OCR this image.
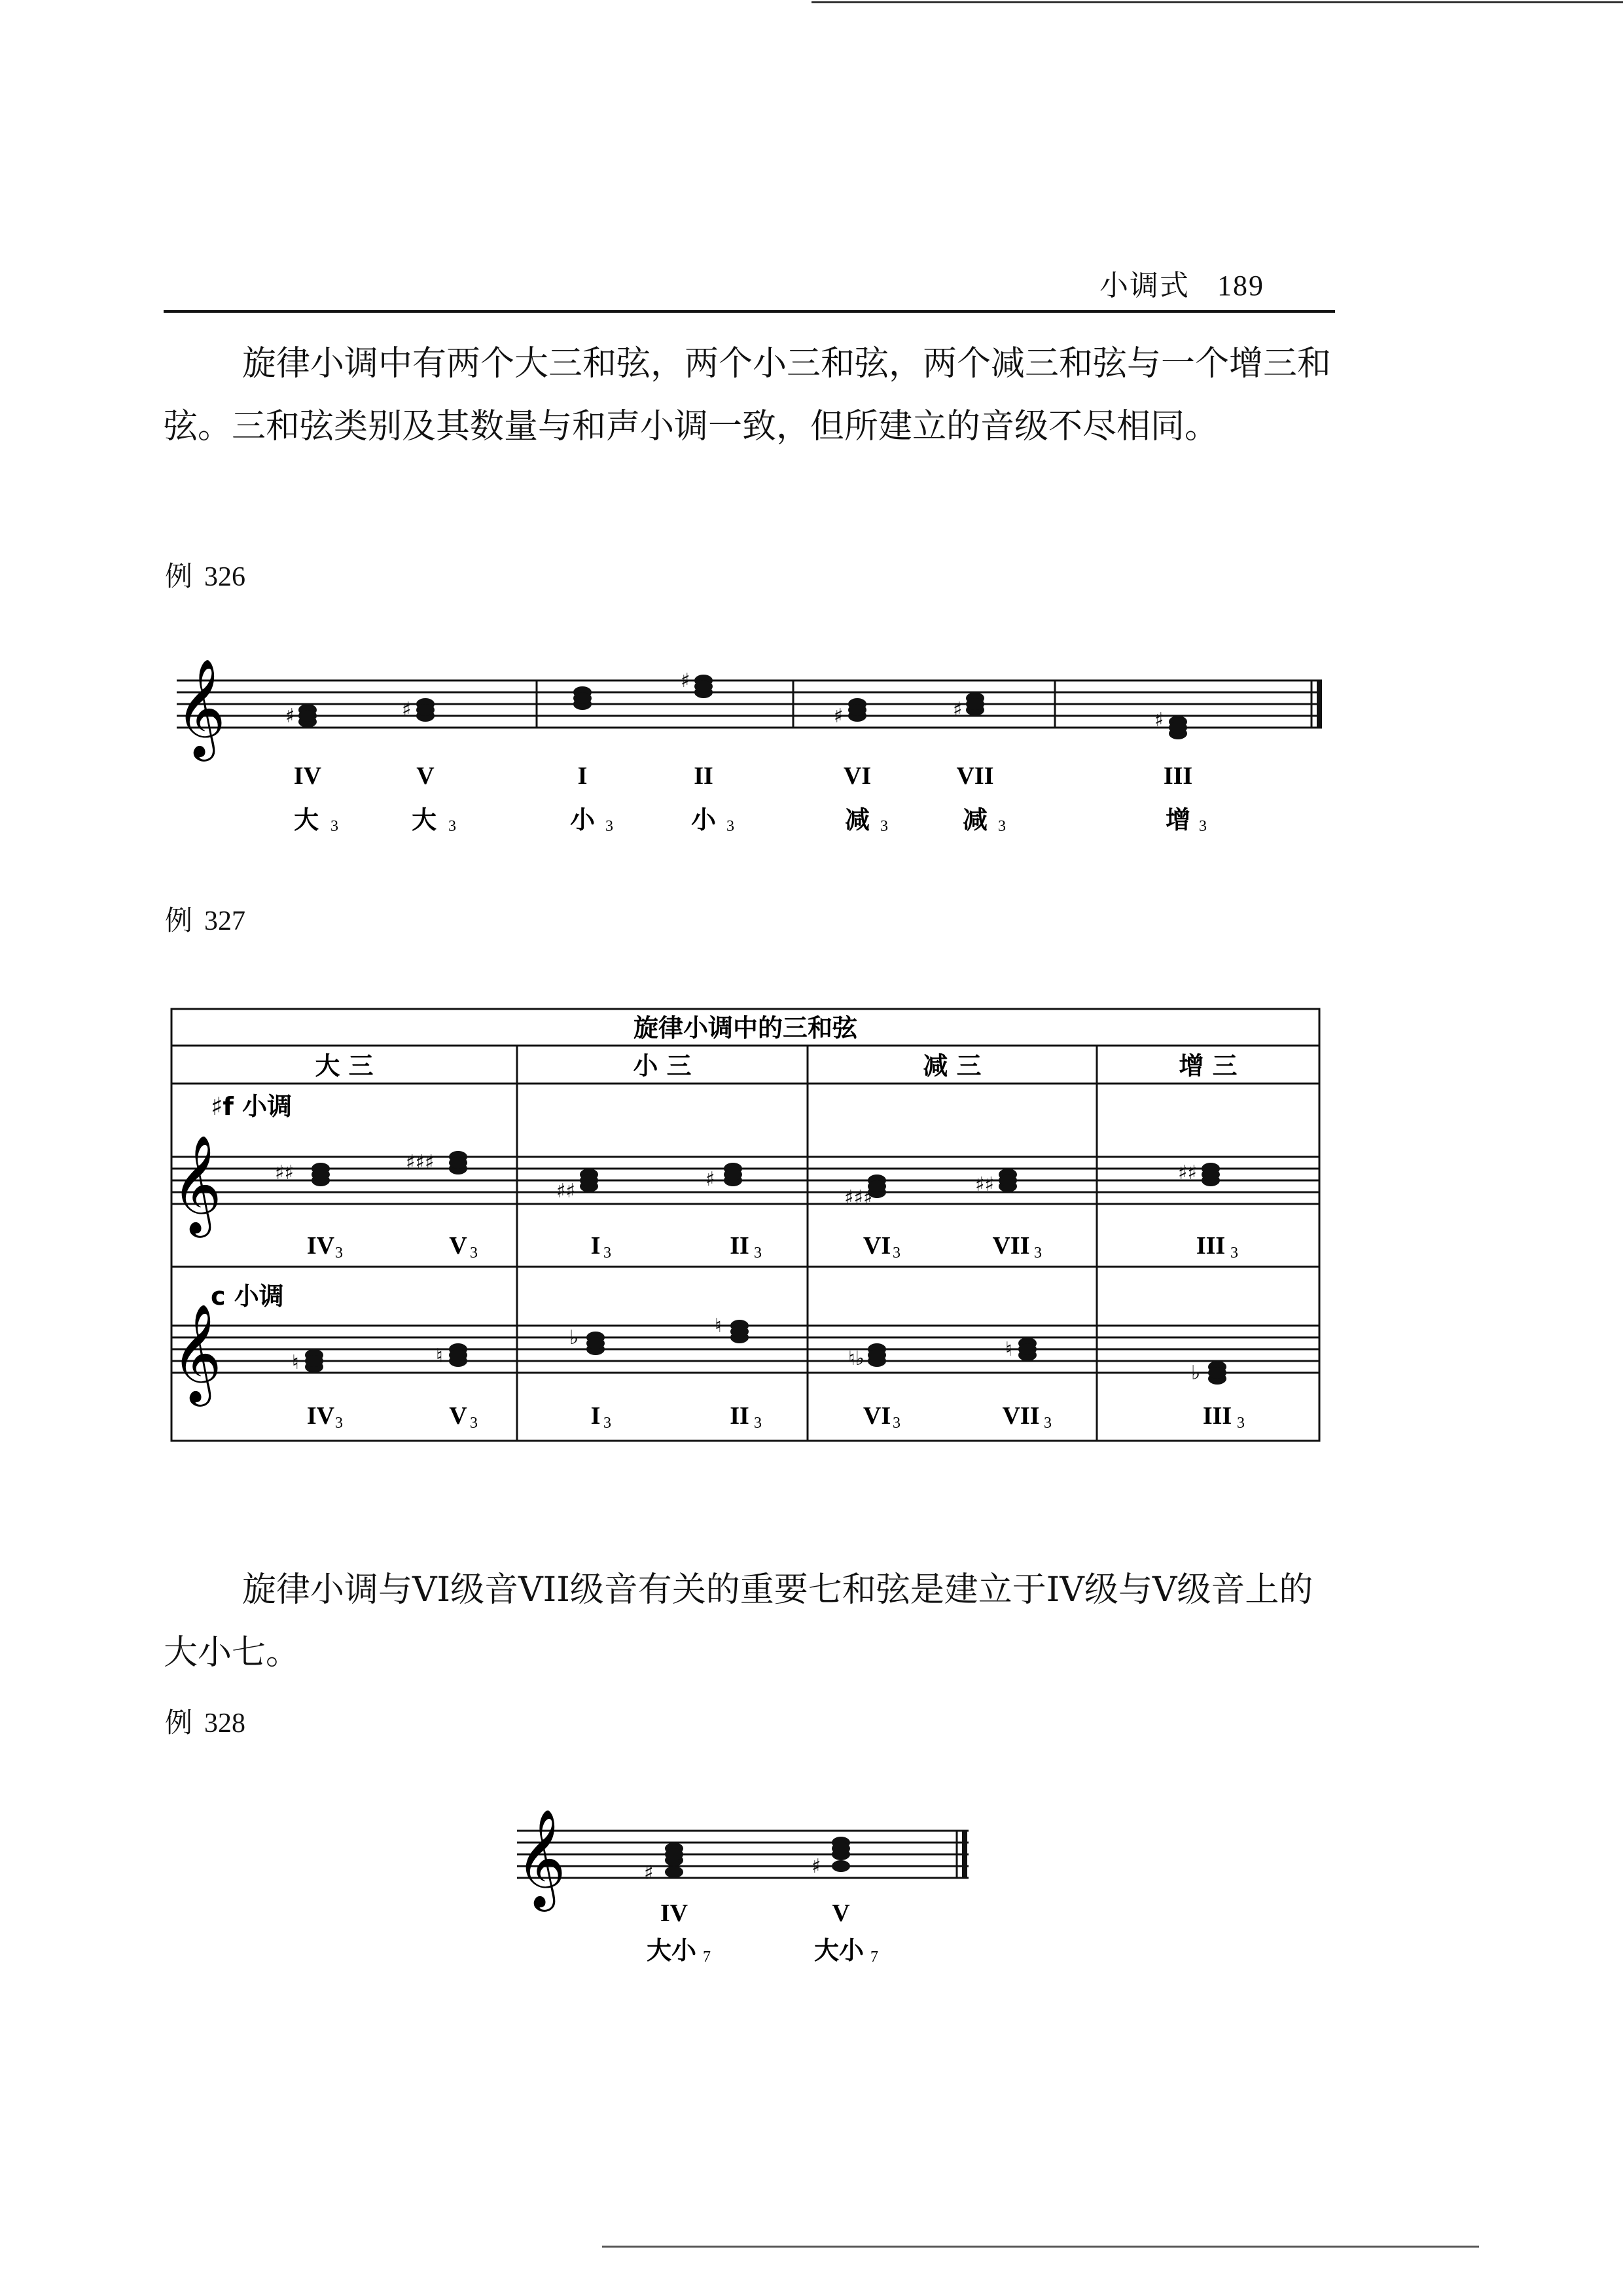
小调式 189
旋律小调中有两个大三和弦，两个小三和弦，两个减三和弦与一个增三和弦。三和弦类别及其数量与和声小调一致，但所建立的音级不尽相同。
例 326
𝄞	♯	♯
♯
♯	♯	♯
IV	V	I	II	VI	VII	III
大 3	大 3	小 3	小 3	减 3	减 3	增 3
例 327
旋律小调中的三和弦
大 三	小 三	减 三	增 三
♯f 小调
𝄞	♯♯	♯♯♯
♯♯
♯
♯♯♯
♯♯
♯♯
IV 3	V 3	I 3	II 3	VI 3	VII 3	III 3
c 小调
𝄞	♮	♮
♭
♮
♮♭	♮
♭
IV 3	V 3	I 3	II 3	VI 3	VII 3	III 3
旋律小调与VI级音VII级音有关的重要七和弦是建立于IV级与V级音上的大小七。
例 328
𝄞	♯	♯
IV	V
大小 7	大小 7
